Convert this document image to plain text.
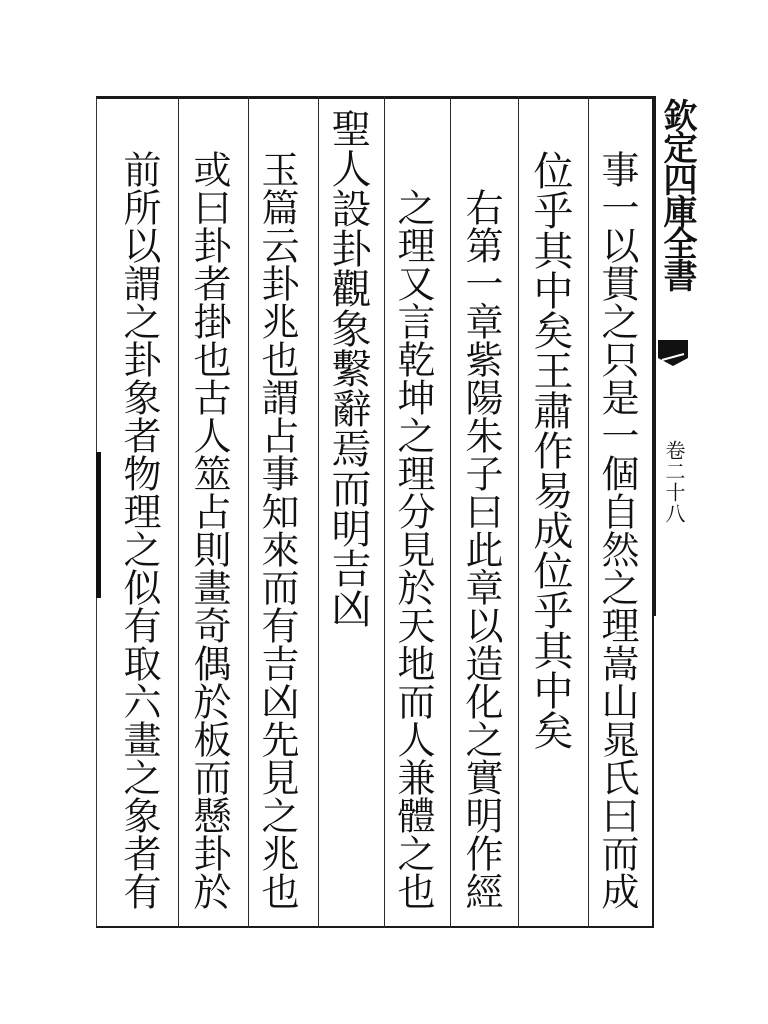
欽定四庫全書
卷二十八
事一以貫之只是一個自然之理嵩山晁氏曰而成
位乎其中矣王肅作易成位乎其中矣
右第一章紫陽朱子曰此章以造化之實明作經
之理又言乾坤之理分見於天地而人兼體之也
聖人設卦觀象繫辭焉而明吉凶
玉篇云卦兆也謂占事知來而有吉凶先見之兆也
或曰卦者掛也古人筮占則畫奇偶於板而懸卦於
前所以謂之卦象者物理之似有取六畫之象者有
